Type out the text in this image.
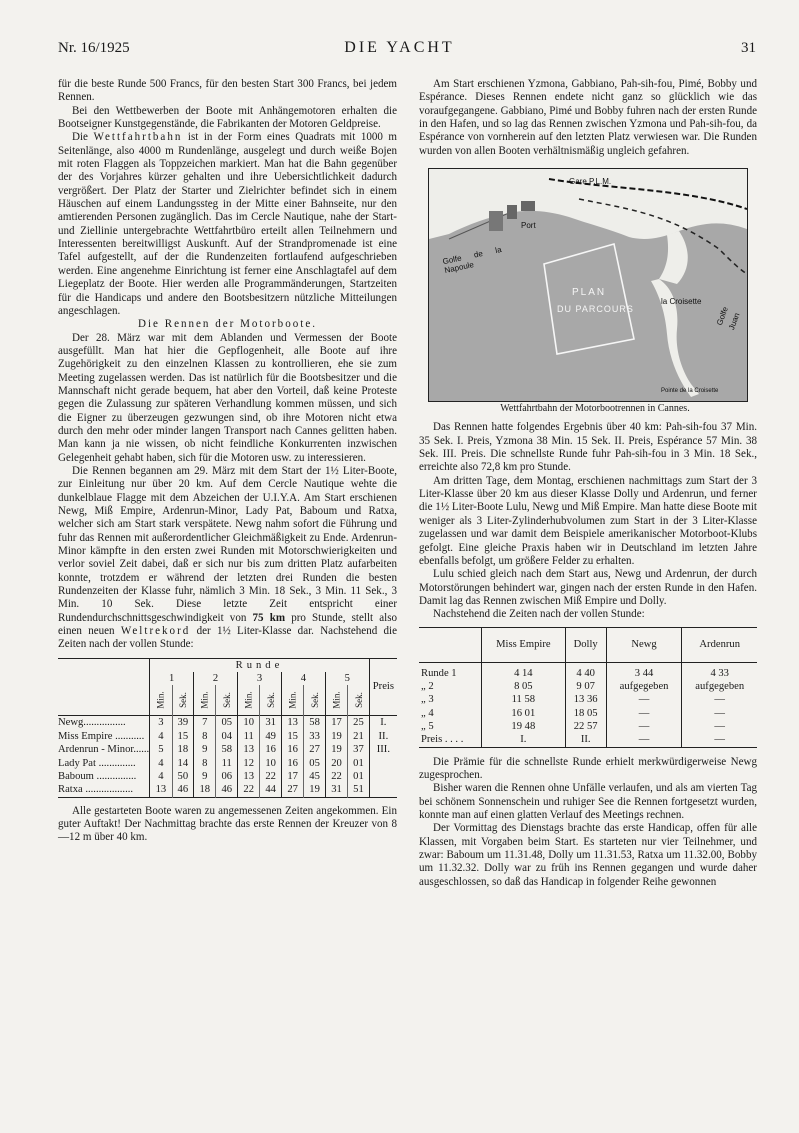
Nr. 16/1925	DIE YACHT	31

für die beste Runde 500 Francs, für den besten Start 300 Francs, bei jedem Rennen.

Bei den Wettbewerben der Boote mit Anhängemotoren erhalten die Bootseigner Kunstgegenstände, die Fabrikanten der Motoren Geldpreise.

Die Wettfahrtbahn ist in der Form eines Quadrats mit 1000 m Seitenlänge, also 4000 m Rundenlänge, ausgelegt und durch weiße Bojen mit roten Flaggen als Toppzeichen markiert. Man hat die Bahn gegenüber der des Vorjahres kürzer gehalten und ihre Uebersichtlichkeit dadurch vergrößert. Der Platz der Starter und Zielrichter befindet sich in einem Häuschen auf einem Landungssteg in der Mitte einer Bahnseite, nur den amtierenden Personen zugänglich. Das im Cercle Nautique, nahe der Start- und Ziellinie untergebrachte Wettfahrtbüro erteilt allen Teilnehmern und Interessenten bereitwilligst Auskunft. Auf der Strandpromenade ist eine Tafel aufgestellt, auf der die Rundenzeiten fortlaufend aufgeschrieben werden. Eine angenehme Einrichtung ist ferner eine Anschlagtafel auf dem Liegeplatz der Boote. Hier werden alle Programmänderungen, Startzeiten für die Handicaps und andere den Bootsbesitzern nützliche Mitteilungen angeschlagen.

Die Rennen der Motorboote.

Der 28. März war mit dem Ablanden und Vermessen der Boote ausgefüllt. Man hat hier die Gepflogenheit, alle Boote auf ihre Zugehörigkeit zu den einzelnen Klassen zu kontrollieren, ehe sie zum Meeting zugelassen werden. Das ist natürlich für die Bootsbesitzer und die Mannschaft nicht gerade bequem, hat aber den Vorteil, daß keine Proteste gegen die Zulassung zur späteren Verhandlung kommen müssen, und sich die Eigner zu überzeugen gezwungen sind, ob ihre Motoren nicht etwa durch den mehr oder minder langen Transport nach Cannes gelitten haben. Man kann ja nie wissen, ob nicht feindliche Konkurrenten inzwischen Gelegenheit gehabt haben, sich für die Motoren usw. zu interessieren.

Die Rennen begannen am 29. März mit dem Start der 1½ Liter-Boote, zur Einleitung nur über 20 km. Auf dem Cercle Nautique wehte die dunkelblaue Flagge mit dem Abzeichen der U.I.Y.A. Am Start erschienen Newg, Miß Empire, Ardenrun-Minor, Lady Pat, Baboum und Ratxa, welcher sich am Start stark verspätete. Newg nahm sofort die Führung und fuhr das Rennen mit außerordentlicher Gleichmäßigkeit zu Ende. Ardenrun-Minor kämpfte in den ersten zwei Runden mit Motorschwierigkeiten und verlor soviel Zeit dabei, daß er sich nur bis zum dritten Platz aufarbeiten konnte, trotzdem er während der letzten drei Runden die besten Rundenzeiten der Klasse fuhr, nämlich 3 Min. 18 Sek., 3 Min. 11 Sek., 3 Min. 10 Sek. Diese letzte Zeit entspricht einer Rundendurchschnittsgeschwindigkeit von 75 km pro Stunde, stellt also einen neuen Weltrekord der 1½ Liter-Klasse dar. Nachstehend die Zeiten nach der vollen Stunde:

	Runde										Preis
	1		2		3		4		5		
	Min.	Sek.	Min.	Sek.	Min.	Sek.	Min.	Sek.	Min.	Sek.	
Newg................	3	39	7	05	10	31	13	58	17	25	I.
Miss Empire ...........	4	15	8	04	11	49	15	33	19	21	II.
Ardenrun - Minor......	5	18	9	58	13	16	16	27	19	37	III.
Lady Pat ..............	4	14	8	11	12	10	16	05	20	01	
Baboum ...............	4	50	9	06	13	22	17	45	22	01	
Ratxa ..................	13	46	18	46	22	44	27	19	31	51	

Alle gestarteten Boote waren zu angemessenen Zeiten angekommen. Ein guter Auftakt! Der Nachmittag brachte das erste Rennen der Kreuzer von 8—12 m über 40 km.

Am Start erschienen Yzmona, Gabbiano, Pah-sih-fou, Pimé, Bobby und Espérance. Dieses Rennen endete nicht ganz so glücklich wie das voraufgegangene. Gabbiano, Pimé und Bobby fuhren nach der ersten Runde in den Hafen, und so lag das Rennen zwischen Yzmona und Pah-sih-fou, da Espérance von vornherein auf den letzten Platz verwiesen war. Die Runden wurden von allen Booten verhältnismäßig ungleich gefahren.

Gare P.L.M.
Port
Golfe de la Napoule
PLAN
DU PARCOURS
la Croisette
Golfe Juan
Pointe de la Croisette

Wettfahrtbahn der Motorbootrennen in Cannes.

Das Rennen hatte folgendes Ergebnis über 40 km: Pah-sih-fou 37 Min. 35 Sek. I. Preis, Yzmona 38 Min. 15 Sek. II. Preis, Espérance 57 Min. 38 Sek. III. Preis. Die schnellste Runde fuhr Pah-sih-fou in 3 Min. 18 Sek., erreichte also 72,8 km pro Stunde.

Am dritten Tage, dem Montag, erschienen nachmittags zum Start der 3 Liter-Klasse über 20 km aus dieser Klasse Dolly und Ardenrun, und ferner die 1½ Liter-Boote Lulu, Newg und Miß Empire. Man hatte diese Boote mit weniger als 3 Liter-Zylinderhubvolumen zum Start in der 3 Liter-Klasse zugelassen und war damit dem Beispiele amerikanischer Motorboot-Klubs gefolgt. Eine gleiche Praxis haben wir in Deutschland im letzten Jahre ebenfalls befolgt, um größere Felder zu erhalten.

Lulu schied gleich nach dem Start aus, Newg und Ardenrun, der durch Motorstörungen behindert war, gingen nach der ersten Runde in den Hafen. Damit lag das Rennen zwischen Miß Empire und Dolly.

Nachstehend die Zeiten nach der vollen Stunde:

	Miss Empire	Dolly	Newg	Ardenrun
Runde 1	4 14	4 40	3 44	4 33
„ 2	8 05	9 07	aufgegeben	aufgegeben
„ 3	11 58	13 36	—	—
„ 4	16 01	18 05	—	—
„ 5	19 48	22 57	—	—
Preis . . . .	I.	II.	—	—

Die Prämie für die schnellste Runde erhielt merkwürdigerweise Newg zugesprochen.

Bisher waren die Rennen ohne Unfälle verlaufen, und als am vierten Tag bei schönem Sonnenschein und ruhiger See die Rennen fortgesetzt wurden, konnte man auf einen glatten Verlauf des Meetings rechnen.

Der Vormittag des Dienstags brachte das erste Handicap, offen für alle Klassen, mit Vorgaben beim Start. Es starteten nur vier Teilnehmer, und zwar: Baboum um 11.31.48, Dolly um 11.31.53, Ratxa um 11.32.00, Bobby um 11.32.32. Dolly war zu früh ins Rennen gegangen und wurde daher ausgeschlossen, so daß das Handicap in folgender Reihe gewonnen
